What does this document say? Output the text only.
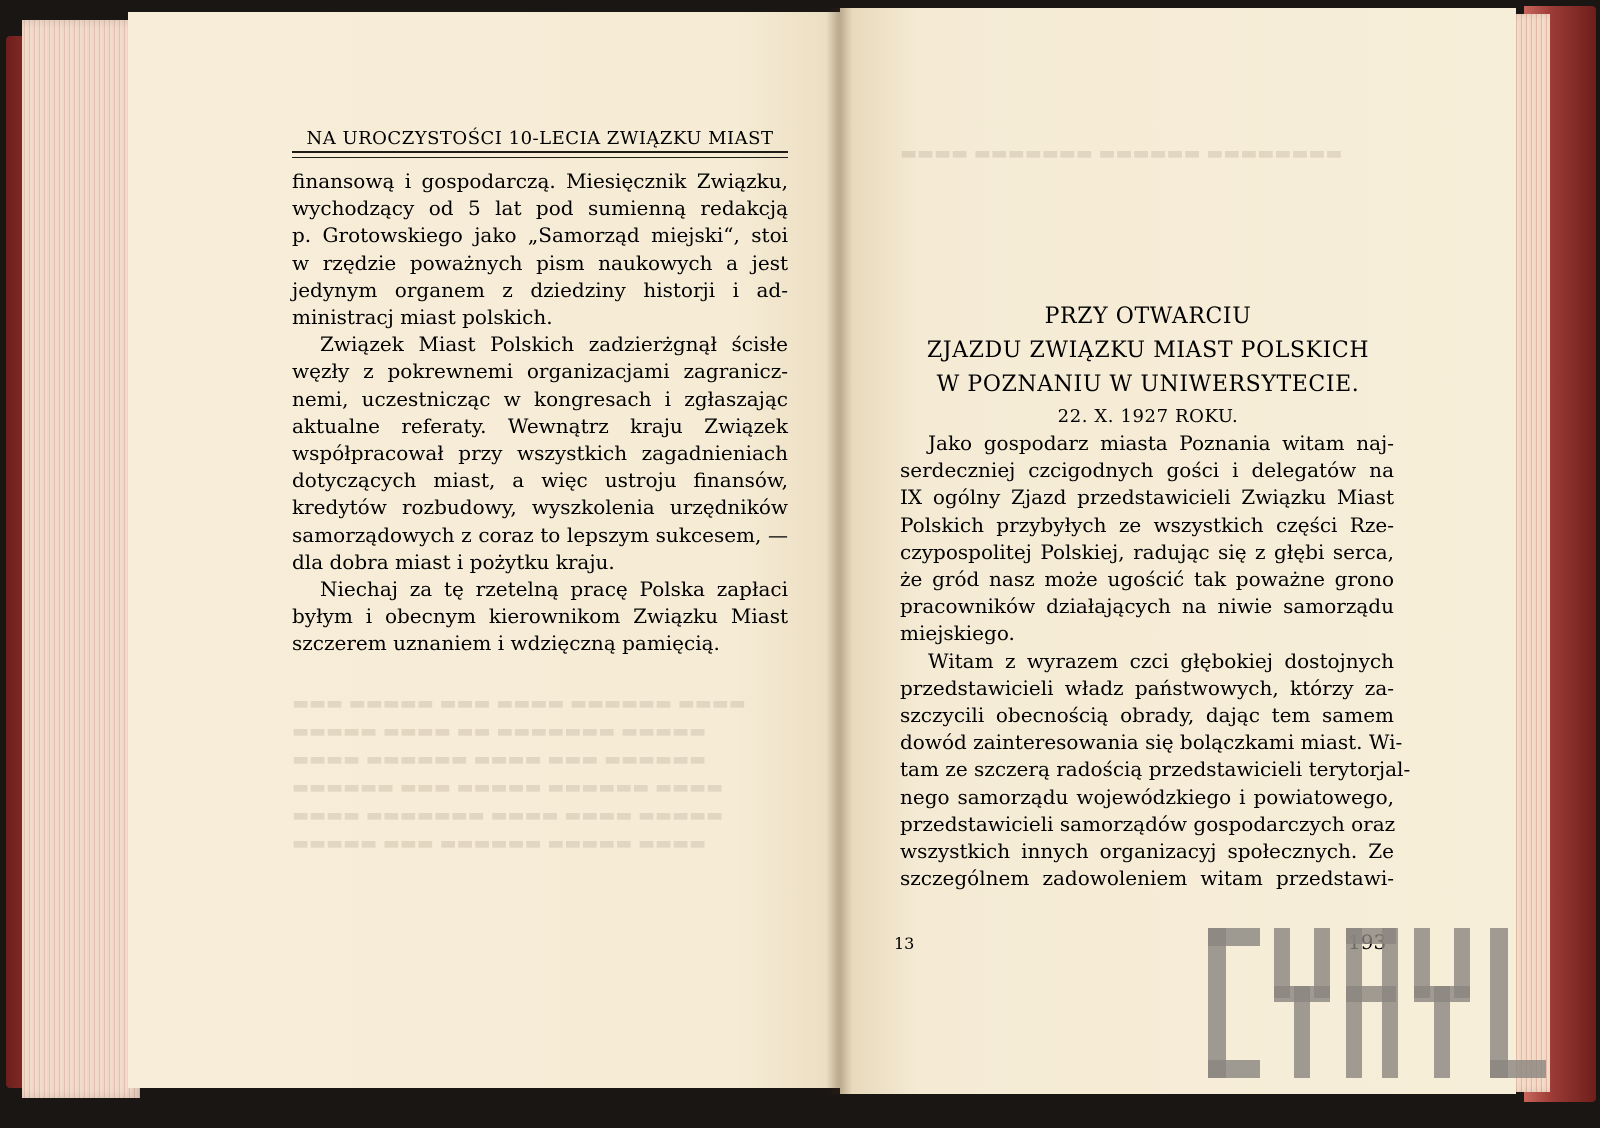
▬▬▬ ▬▬▬▬▬ ▬▬▬ ▬▬▬▬ ▬▬▬▬▬▬ ▬▬▬▬
▬▬▬▬▬ ▬▬▬▬ ▬▬ ▬▬▬▬▬▬▬ ▬▬▬▬▬
▬▬▬▬ ▬▬▬▬▬▬ ▬▬▬▬ ▬▬▬ ▬▬▬▬▬▬
▬▬▬▬▬▬ ▬▬▬ ▬▬▬▬▬ ▬▬▬▬▬▬ ▬▬▬▬
▬▬▬▬ ▬▬▬▬▬▬▬ ▬▬▬▬ ▬▬▬▬ ▬▬▬▬▬
▬▬▬▬▬ ▬▬▬ ▬▬▬▬▬▬ ▬▬▬▬▬ ▬▬▬▬
NA UROCZYSTOŚCI 10-LECIA ZWIĄZKU MIAST
finansową i gospodarczą. Miesięcznik Związku,
wychodzący od 5 lat pod sumienną redakcją
p. Grotowskiego jako „Samorząd miejski“, stoi
w rzędzie poważnych pism naukowych a jest
jedynym organem z dziedziny historji i ad-
ministracj miast polskich.
Związek Miast Polskich zadzierżgnął ścisłe
węzły z pokrewnemi organizacjami zagranicz-
nemi, uczestnicząc w kongresach i zgłaszając
aktualne referaty. Wewnątrz kraju Związek
współpracował przy wszystkich zagadnieniach
dotyczących miast, a więc ustroju finansów,
kredytów rozbudowy, wyszkolenia urzędników
samorządowych z coraz to lepszym sukcesem, —
dla dobra miast i pożytku kraju.
Niechaj za tę rzetelną pracę Polska zapłaci
byłym i obecnym kierownikom Związku Miast
szczerem uznaniem i wdzięczną pamięcią.
▬▬▬▬ ▬▬▬▬▬▬▬ ▬▬▬▬▬▬ ▬▬▬▬▬▬▬▬
PRZY OTWARCIU
ZJAZDU ZWIĄZKU MIAST POLSKICH
W POZNANIU W UNIWERSYTECIE.
22. X. 1927 ROKU.
Jako gospodarz miasta Poznania witam naj-
serdeczniej czcigodnych gości i delegatów na
IX ogólny Zjazd przedstawicieli Związku Miast
Polskich przybyłych ze wszystkich części Rze-
czypospolitej Polskiej, radując się z głębi serca,
że gród nasz może ugościć tak poważne grono
pracowników działających na niwie samorządu
miejskiego.
Witam z wyrazem czci głębokiej dostojnych
przedstawicieli władz państwowych, którzy za-
szczycili obecnością obrady, dając tem samem
dowód zainteresowania się bolączkami miast. Wi-
tam ze szczerą radością przedstawicieli terytorjal-
nego samorządu wojewódzkiego i powiatowego,
przedstawicieli samorządów gospodarczych oraz
wszystkich innych organizacyj społecznych. Ze
szczególnem zadowoleniem witam przedstawi-
13
